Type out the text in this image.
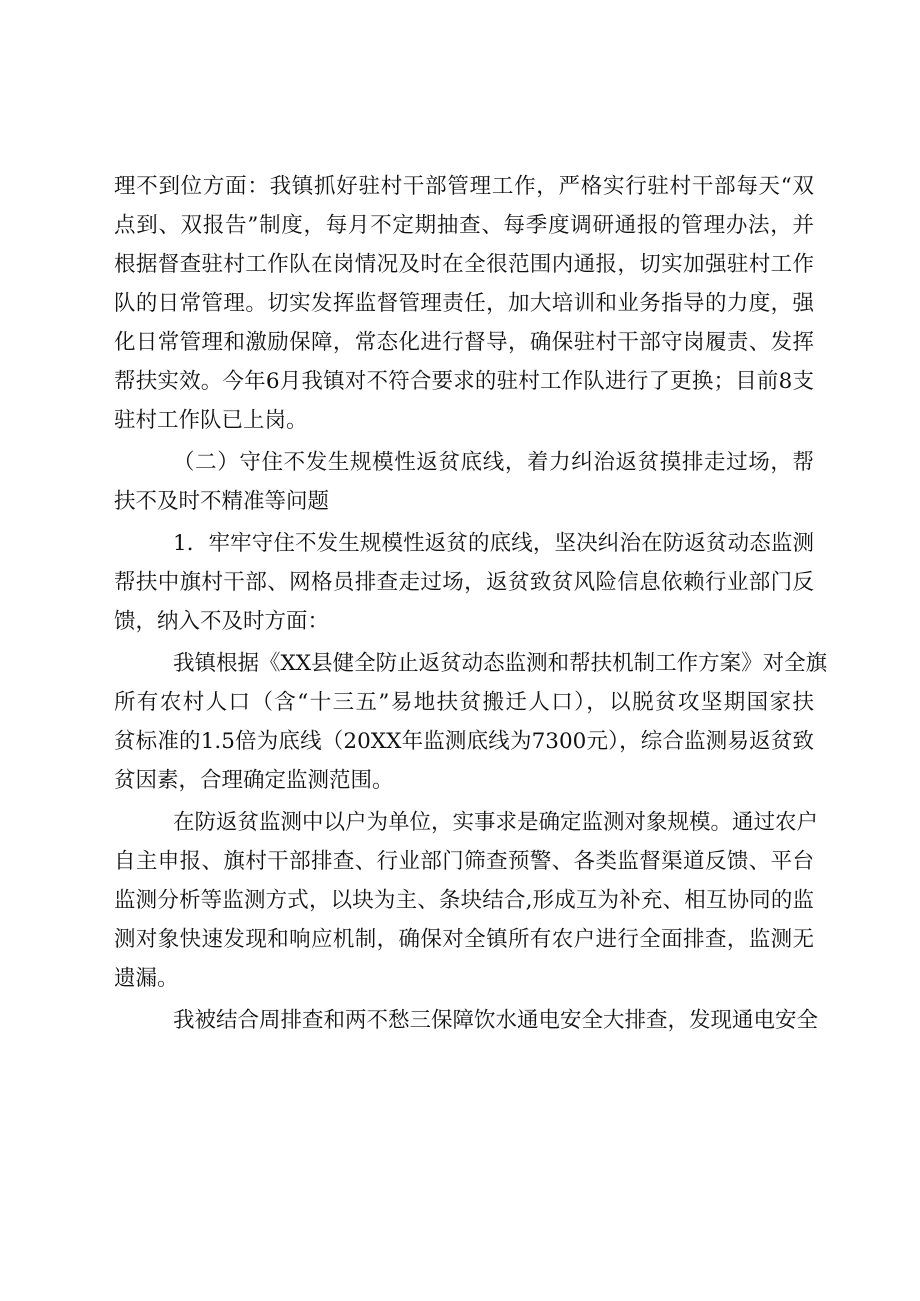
理不到位方面：我镇抓好驻村干部管理工作，严格实行驻村干部每天“双
点到、双报告”制度，每月不定期抽查、每季度调研通报的管理办法，并
根据督查驻村工作队在岗情况及时在全很范围内通报，切实加强驻村工作
队的日常管理。切实发挥监督管理责任，加大培训和业务指导的力度，强
化日常管理和激励保障，常态化进行督导，确保驻村干部守岗履责、发挥
帮扶实效。今年6月我镇对不符合要求的驻村工作队进行了更换；目前8支
驻村工作队已上岗。
（二）守住不发生规模性返贫底线，着力纠治返贫摸排走过场，帮
扶不及时不精准等问题
1．牢牢守住不发生规模性返贫的底线，坚决纠治在防返贫动态监测
帮扶中旗村干部、网格员排查走过场，返贫致贫风险信息依赖行业部门反
馈，纳入不及时方面：
我镇根据《XX县健全防止返贫动态监测和帮扶机制工作方案》对全旗
所有农村人口（含“十三五”易地扶贫搬迁人口），以脱贫攻坚期国家扶
贫标准的1.5倍为底线（20XX年监测底线为7300元），综合监测易返贫致
贫因素，合理确定监测范围。
在防返贫监测中以户为单位，实事求是确定监测对象规模。通过农户
自主申报、旗村干部排查、行业部门筛查预警、各类监督渠道反馈、平台
监测分析等监测方式，以块为主、条块结合,形成互为补充、相互协同的监
测对象快速发现和响应机制，确保对全镇所有农户进行全面排查，监测无
遗漏。
我被结合周排查和两不愁三保障饮水通电安全大排查，发现通电安全
